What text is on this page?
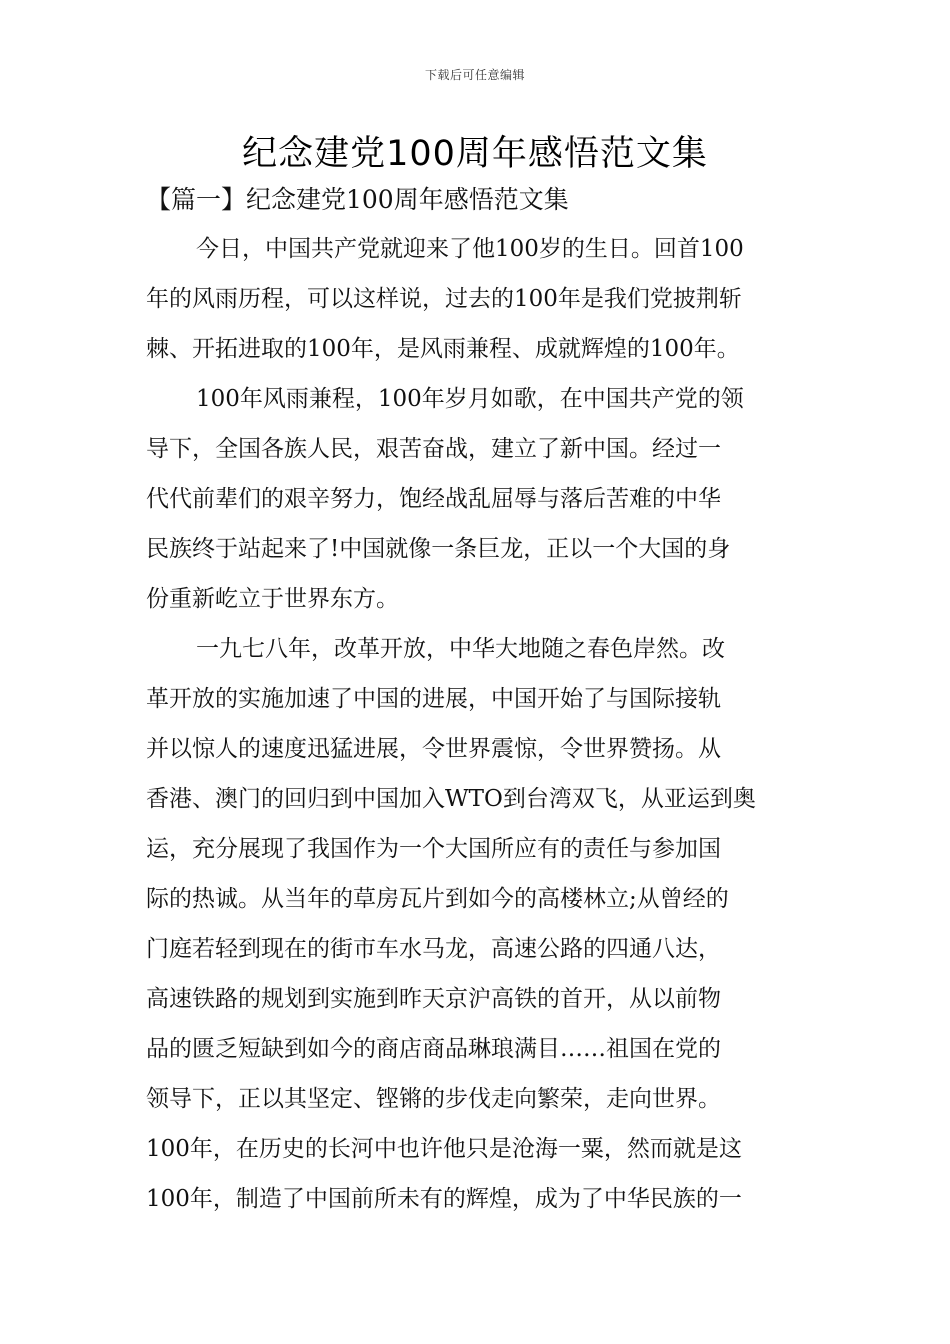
下载后可任意编辑
纪念建党100周年感悟范文集
【篇一】纪念建党100周年感悟范文集

今日，中国共产党就迎来了他100岁的生日。回首100
年的风雨历程，可以这样说，过去的100年是我们党披荆斩
棘、开拓进取的100年，是风雨兼程、成就辉煌的100年。

100年风雨兼程，100年岁月如歌，在中国共产党的领
导下，全国各族人民，艰苦奋战，建立了新中国。经过一
代代前辈们的艰辛努力，饱经战乱屈辱与落后苦难的中华
民族终于站起来了!中国就像一条巨龙，正以一个大国的身
份重新屹立于世界东方。

一九七八年，改革开放，中华大地随之春色岸然。改
革开放的实施加速了中国的进展，中国开始了与国际接轨
并以惊人的速度迅猛进展，令世界震惊，令世界赞扬。从
香港、澳门的回归到中国加入WTO到台湾双飞，从亚运到奥
运，充分展现了我国作为一个大国所应有的责任与参加国
际的热诚。从当年的草房瓦片到如今的高楼林立;从曾经的
门庭若轻到现在的街市车水马龙，高速公路的四通八达，
高速铁路的规划到实施到昨天京沪高铁的首开，从以前物
品的匮乏短缺到如今的商店商品琳琅满目……祖国在党的
领导下，正以其坚定、铿锵的步伐走向繁荣，走向世界。
100年，在历史的长河中也许他只是沧海一粟，然而就是这
100年，制造了中国前所未有的辉煌，成为了中华民族的一
